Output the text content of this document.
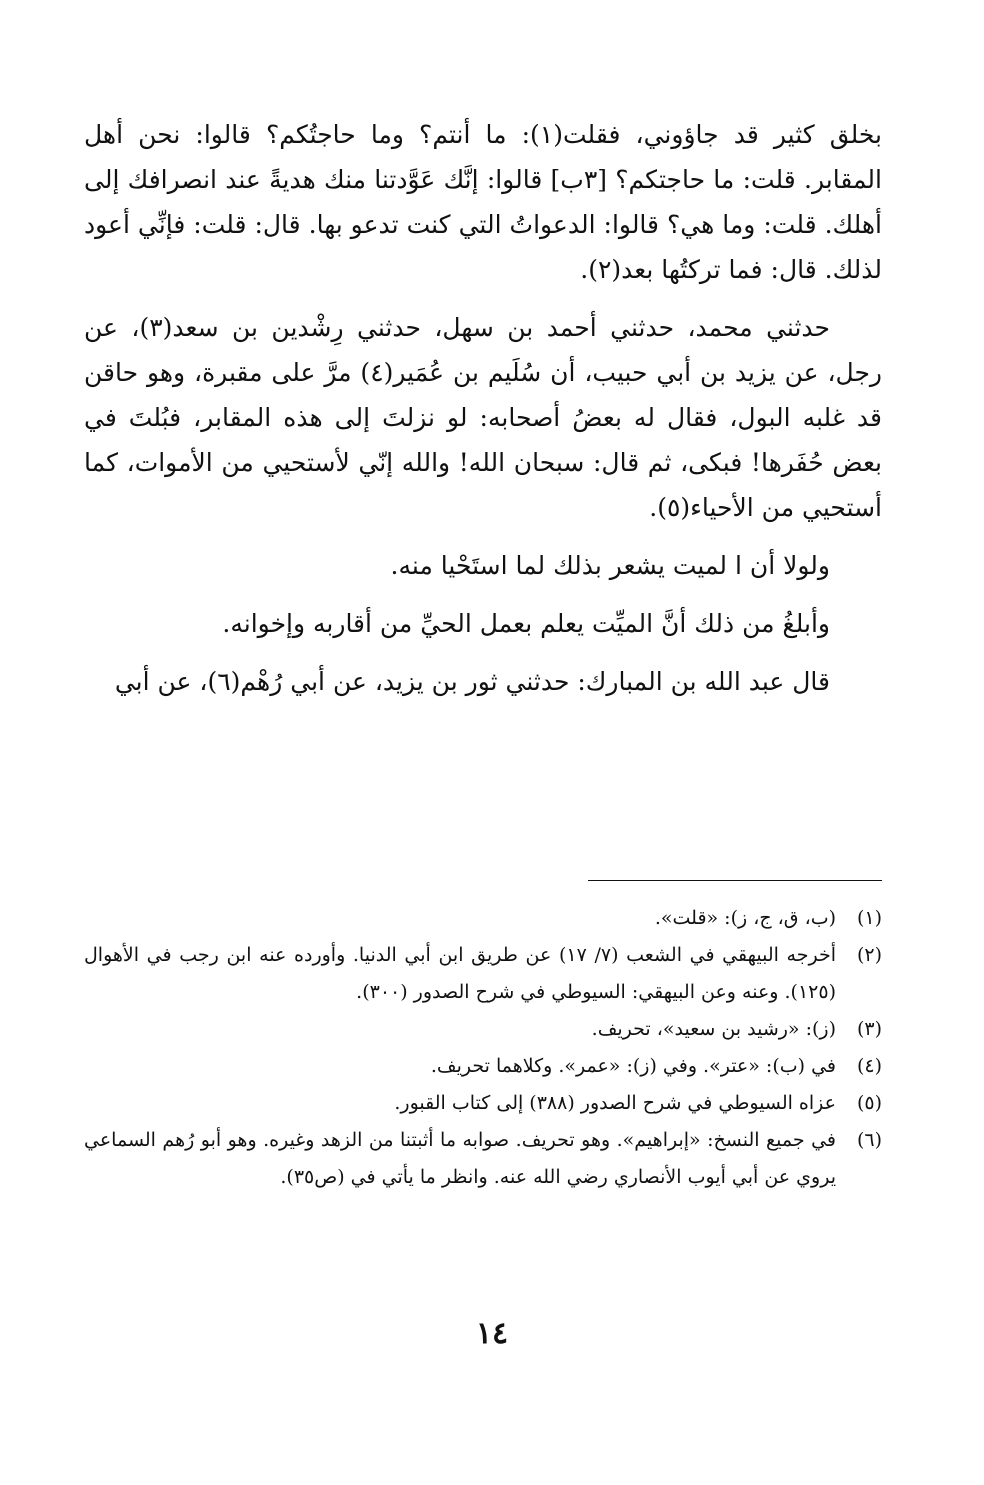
بخلق كثير قد جاؤوني، فقلت(١): ما أنتم؟ وما حاجتُكم؟ قالوا: نحن أهل المقابر. قلت: ما حاجتكم؟ [٣ب] قالوا: إنَّك عَوَّدتنا منك هديةً عند انصرافك إلى أهلك. قلت: وما هي؟ قالوا: الدعواتُ التي كنت تدعو بها. قال: قلت: فإنِّي أعود لذلك. قال: فما تركتُها بعد(٢).

حدثني محمد، حدثني أحمد بن سهل، حدثني رِشْدين بن سعد(٣)، عن رجل، عن يزيد بن أبي حبيب، أن سُلَيم بن عُمَير(٤) مرَّ على مقبرة، وهو حاقن قد غلبه البول، فقال له بعضُ أصحابه: لو نزلتَ إلى هذه المقابر، فبُلتَ في بعض حُفَرها! فبكى، ثم قال: سبحان الله! والله إنّي لأستحيي من الأموات، كما أستحيي من الأحياء(٥).

ولولا أن ا لميت يشعر بذلك لما استَحْيا منه.

وأبلغُ من ذلك أنَّ الميِّت يعلم بعمل الحيِّ من أقاربه وإخوانه.

قال عبد الله بن المبارك: حدثني ثور بن يزيد، عن أبي رُهْم(٦)، عن أبي

(١)
(ب، ق، ج، ز): «قلت».
(٢)
أخرجه البيهقي في الشعب (٧/ ١٧) عن طريق ابن أبي الدنيا. وأورده عنه ابن رجب في الأهوال (١٢٥). وعنه وعن البيهقي: السيوطي في شرح الصدور (٣٠٠).
(٣)
(ز): «رشيد بن سعيد»، تحريف.
(٤)
في (ب): «عتر». وفي (ز): «عمر». وكلاهما تحريف.
(٥)
عزاه السيوطي في شرح الصدور (٣٨٨) إلى كتاب القبور.
(٦)
في جميع النسخ: «إبراهيم». وهو تحريف. صوابه ما أثبتنا من الزهد وغيره. وهو أبو رُهم السماعي يروي عن أبي أيوب الأنصاري رضي الله عنه. وانظر ما يأتي في (ص٣٥).
١٤
